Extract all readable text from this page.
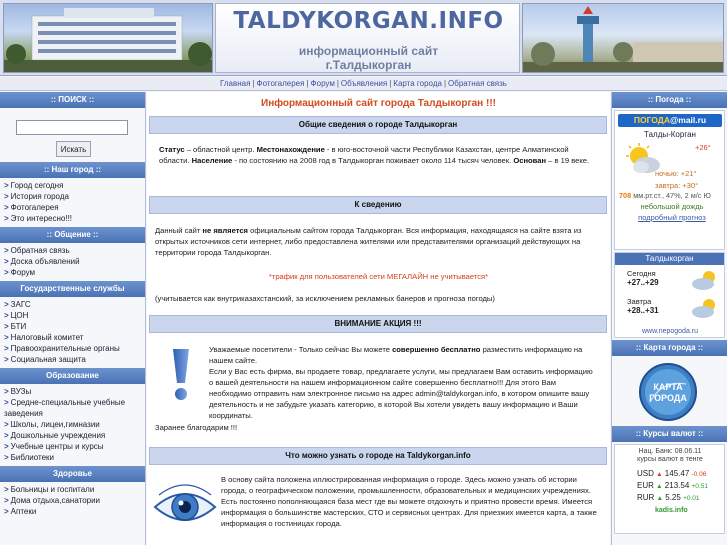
TALDYKORGAN.INFO
информационный сайт
г.Талдыкорган
Главная | Фотогалерея | Форум | Объявления | Карта города | Обратная связь
:: ПОИСК ::
Искать
:: Наш город ::
> Город сегодня
> История города
> Фотогалерея
> Это интересно!!!
:: Общение ::
> Обратная связь
> Доска объявлений
> Форум
Государственные службы
> ЗАГС
> ЦОН
> БТИ
> Налоговый комитет
> Правоохранительные органы
> Социальная защита
Образование
> ВУЗы
> Средне-специальные учебные заведения
> Школы, лицеи,гимназии
> Дошкольные учреждения
> Учебные центры и курсы
> Библиотеки
Здоровье
> Больницы и госпитали
> Дома отдыха,санатории
> Аптеки
Информационный сайт города Талдыкорган !!!
Общие сведения о городе Талдыкорган
Статус – областной центр. Местонахождение - в юго-восточной части Республики Казахстан, центре Алматинской области. Население - по состоянию на 2008 год в Талдыкорган поживает около 114 тысяч человек. Основан – в 19 веке.
К сведению
Данный сайт не является официальным сайтом города Талдыкорган. Вся информация, находящаяся на сайте взята из открытых источников сети интернет, либо предоставлена жителями или представителями организаций действующих на территории города Талдыкорган.
*трафик для пользователей сети МЕГАЛАЙН не учитывается*
(учитывается как внутриказахстанский, за исключением рекламных банеров и прогноза погоды)
ВНИМАНИЕ АКЦИЯ !!!
Уважаемые посетители - Только сейчас Вы можете совершенно бесплатно разместить информацию на нашем сайте.
Если у Вас есть фирма, вы продаете товар, предлагаете услуги, мы предлагаем Вам оставить информацию о вашей деятельности на нашем информационном сайте совершенно бесплатно!!! Для этого Вам необходимо отправить нам электронное письмо на адрес admin@taldykorgan.info, в котором опишите вашу деятельность и не забудьте указать категорию, в которой Вы хотели увидеть вашу информацию и Ваши координаты.
Заранее благодарим !!!
Что можно узнать о городе на Taldykorgan.info
В основу сайта положена иллюстрированная информация о городе. Здесь можно узнать об истории города, о географическом положении, промышленности, образовательных и медицинских учреждениях. Есть постоянно пополняющаяся база мест где вы можете отдохнуть и приятно провести время. Имеется информация о большинстве мастерских, СТО и сервисных центрах. Для приезжих имеется карта, а также информация о гостиницах города.
:: Погода ::
ПОГОДА@mail.ru
Талды-Корган
+26°
ночью: +21°
завтра: +30°
708 мм.рт.ст., 47%, 2 м/с Ю
небольшой дождь
подробный прогноз
Талдыкорган
Сегодня
+27..+29
Завтра
+28..+31
www.nepogoda.ru
:: Карта города ::
КАРТА
ГОРОДА
:: Курсы валют ::
Нац. Банк: 08.06.11
курсы валют в тенге
USD ▲ 145.47 -0.06
EUR ▲ 213.54 +0.51
RUR ▲ 5.25 +0.01
kadis.info
